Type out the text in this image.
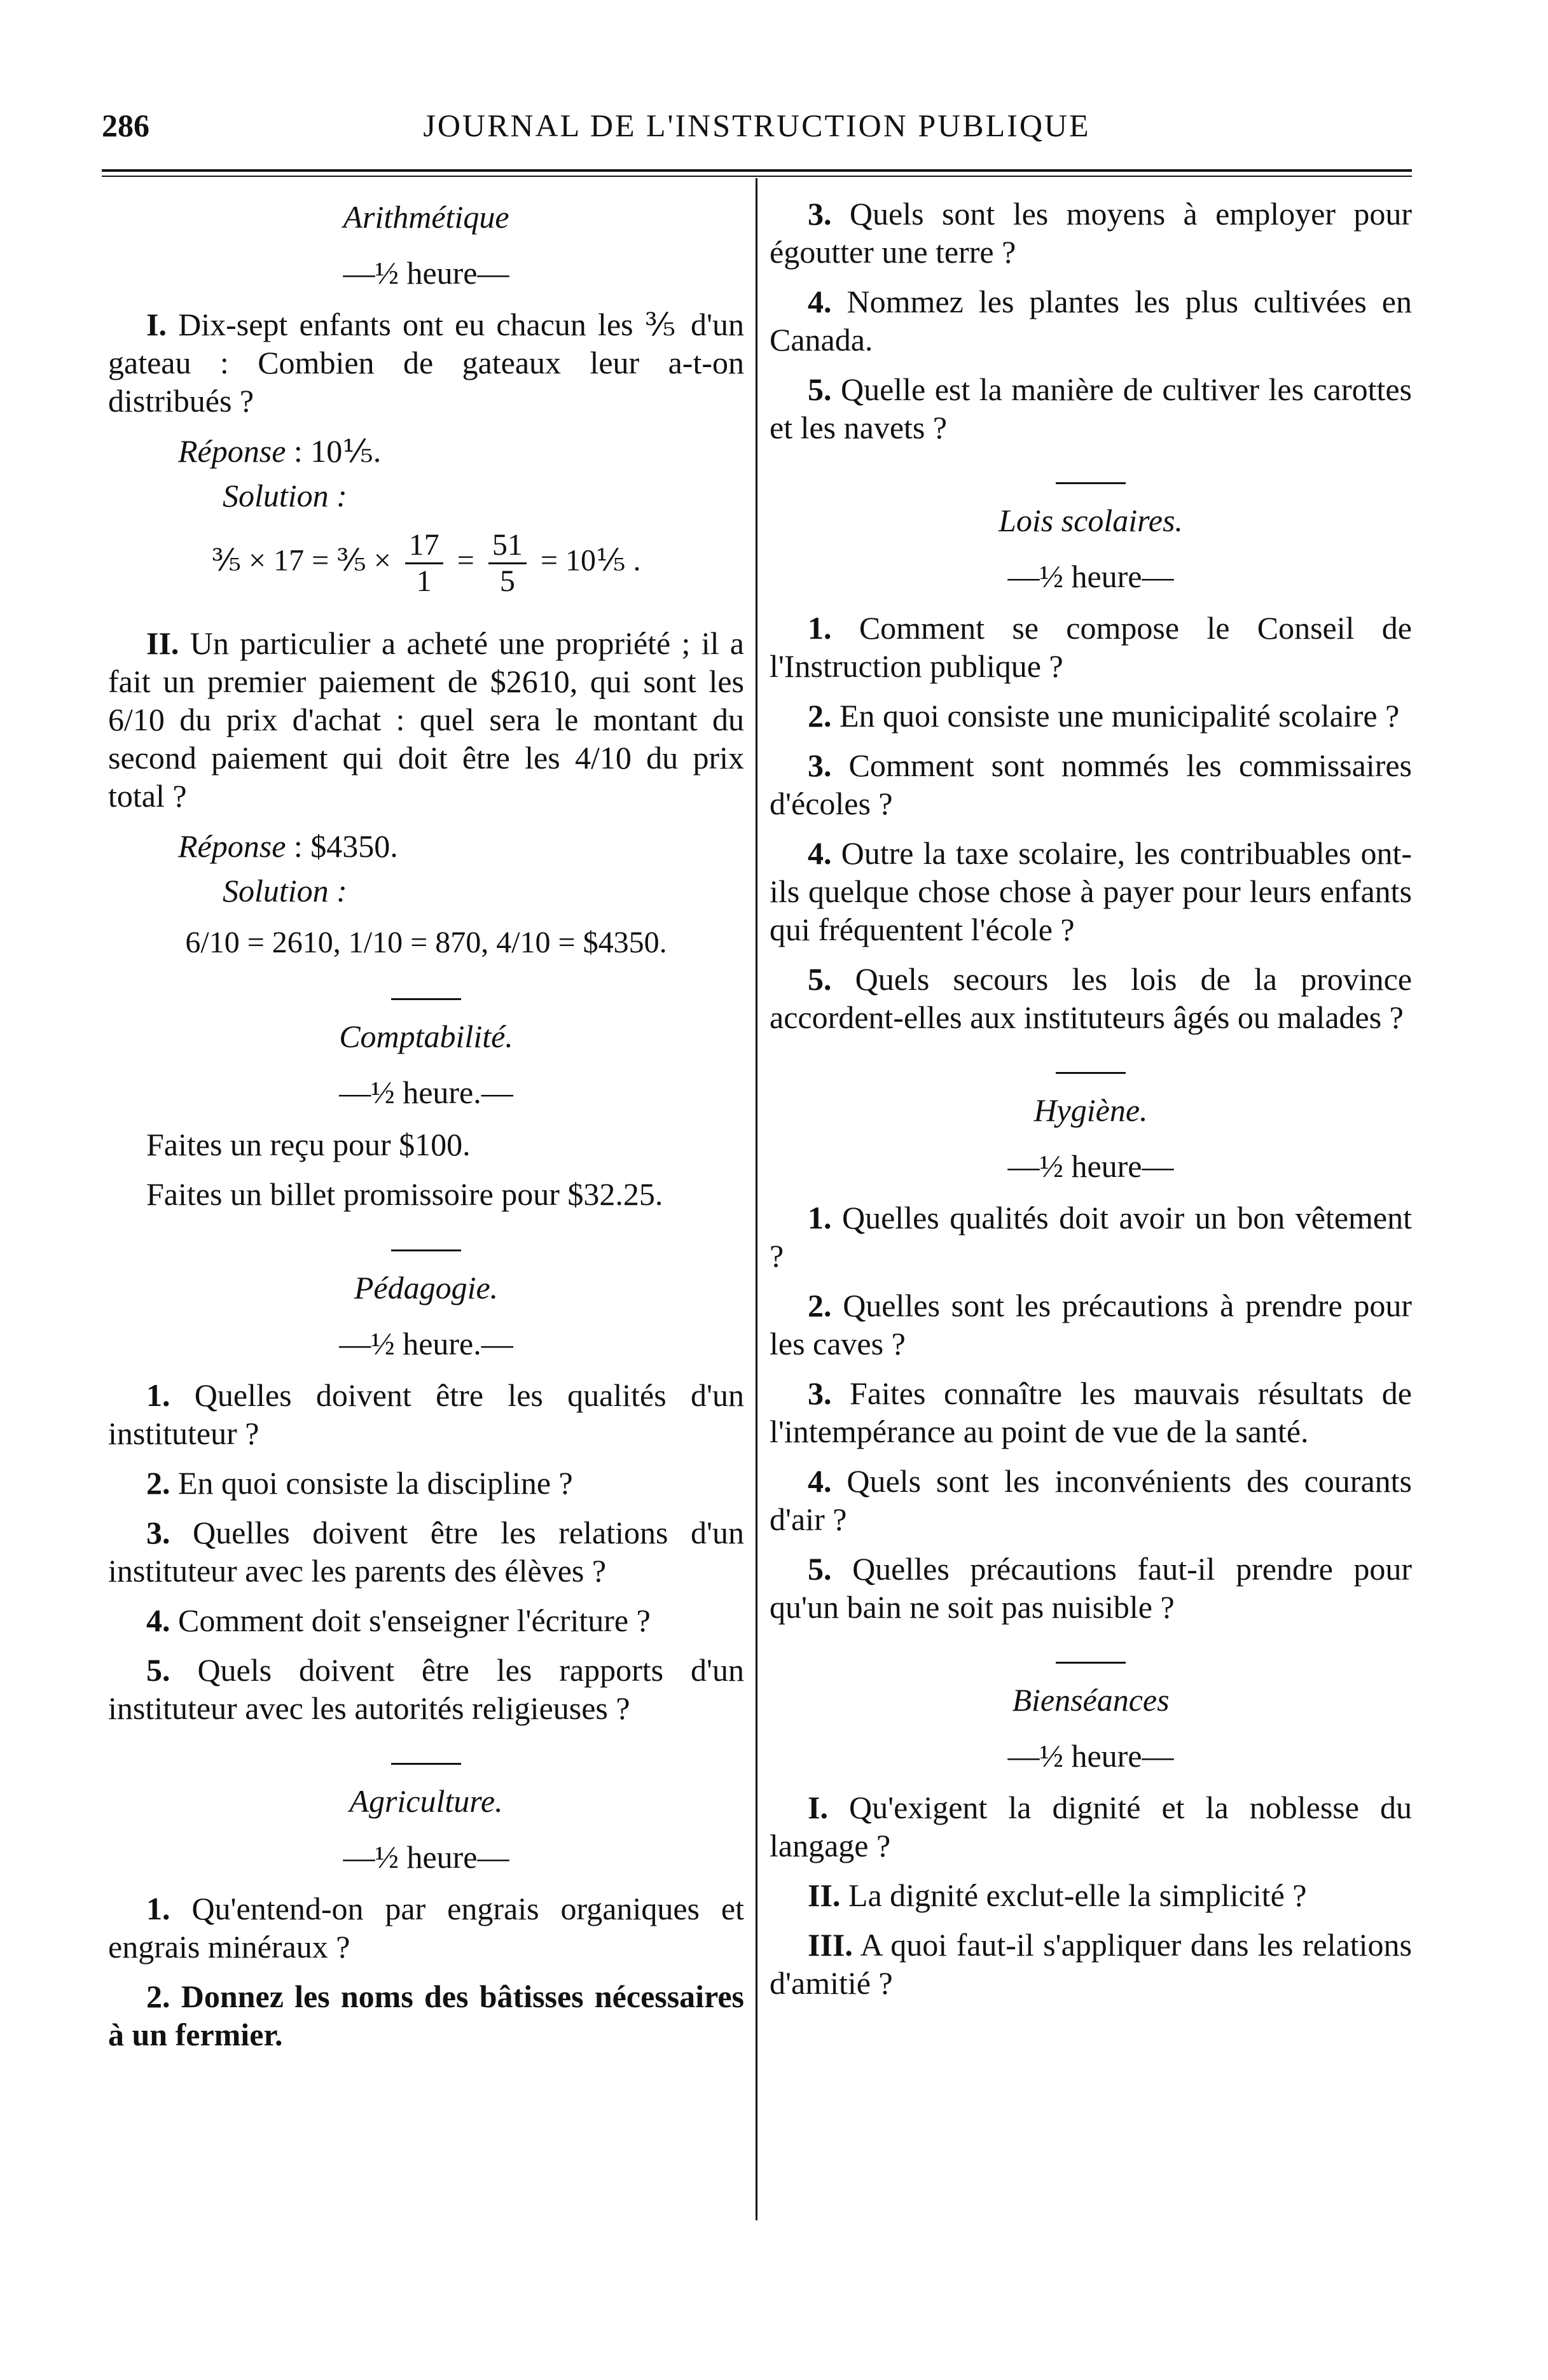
286	JOURNAL DE L'INSTRUCTION PUBLIQUE
Arithmétique
—½ heure—

I. Dix-sept enfants ont eu chacun les ⅗ d'un gateau : Combien de gateaux leur a-t-on distribués ?

Réponse : 10⅕.
Solution :
⅗ × 17 = ⅗ × $\frac{17}{1} = \frac{51}{5}$ = 10⅕ .

II. Un particulier a acheté une propriété ; il a fait un premier paiement de $2610, qui sont les 6/10 du prix d'achat : quel sera le montant du second paiement qui doit être les 4/10 du prix total ?

Réponse : $4350.
Solution :
6/10 = 2610, 1/10 = 870, 4/10 = $4350.
Comptabilité.
—½ heure.—
Faites un reçu pour $100.
Faites un billet promissoire pour $32.25.
Pédagogie.
—½ heure.—

1. Quelles doivent être les qualités d'un instituteur ?

2. En quoi consiste la discipline ?

3. Quelles doivent être les relations d'un instituteur avec les parents des élèves ?

4. Comment doit s'enseigner l'écriture ?

5. Quels doivent être les rapports d'un instituteur avec les autorités religieuses ?

Agriculture.
—½ heure—

1. Qu'entend-on par engrais organiques et engrais minéraux ?

2. Donnez les noms des bâtisses nécessaires à un fermier.

3. Quels sont les moyens à employer pour égoutter une terre ?

4. Nommez les plantes les plus cultivées en Canada.

5. Quelle est la manière de cultiver les carottes et les navets ?

Lois scolaires.
—½ heure—

1. Comment se compose le Conseil de l'Instruction publique ?

2. En quoi consiste une municipalité scolaire ?

3. Comment sont nommés les commissaires d'écoles ?

4. Outre la taxe scolaire, les contribuables ont-ils quelque chose chose à payer pour leurs enfants qui fréquentent l'école ?

5. Quels secours les lois de la province accordent-elles aux instituteurs âgés ou malades ?

Hygiène.
—½ heure—

1. Quelles qualités doit avoir un bon vêtement ?

2. Quelles sont les précautions à prendre pour les caves ?

3. Faites connaître les mauvais résultats de l'intempérance au point de vue de la santé.

4. Quels sont les inconvénients des courants d'air ?

5. Quelles précautions faut-il prendre pour qu'un bain ne soit pas nuisible ?

Bienséances
—½ heure—

I. Qu'exigent la dignité et la noblesse du langage ?

II. La dignité exclut-elle la simplicité ?

III. A quoi faut-il s'appliquer dans les relations d'amitié ?
